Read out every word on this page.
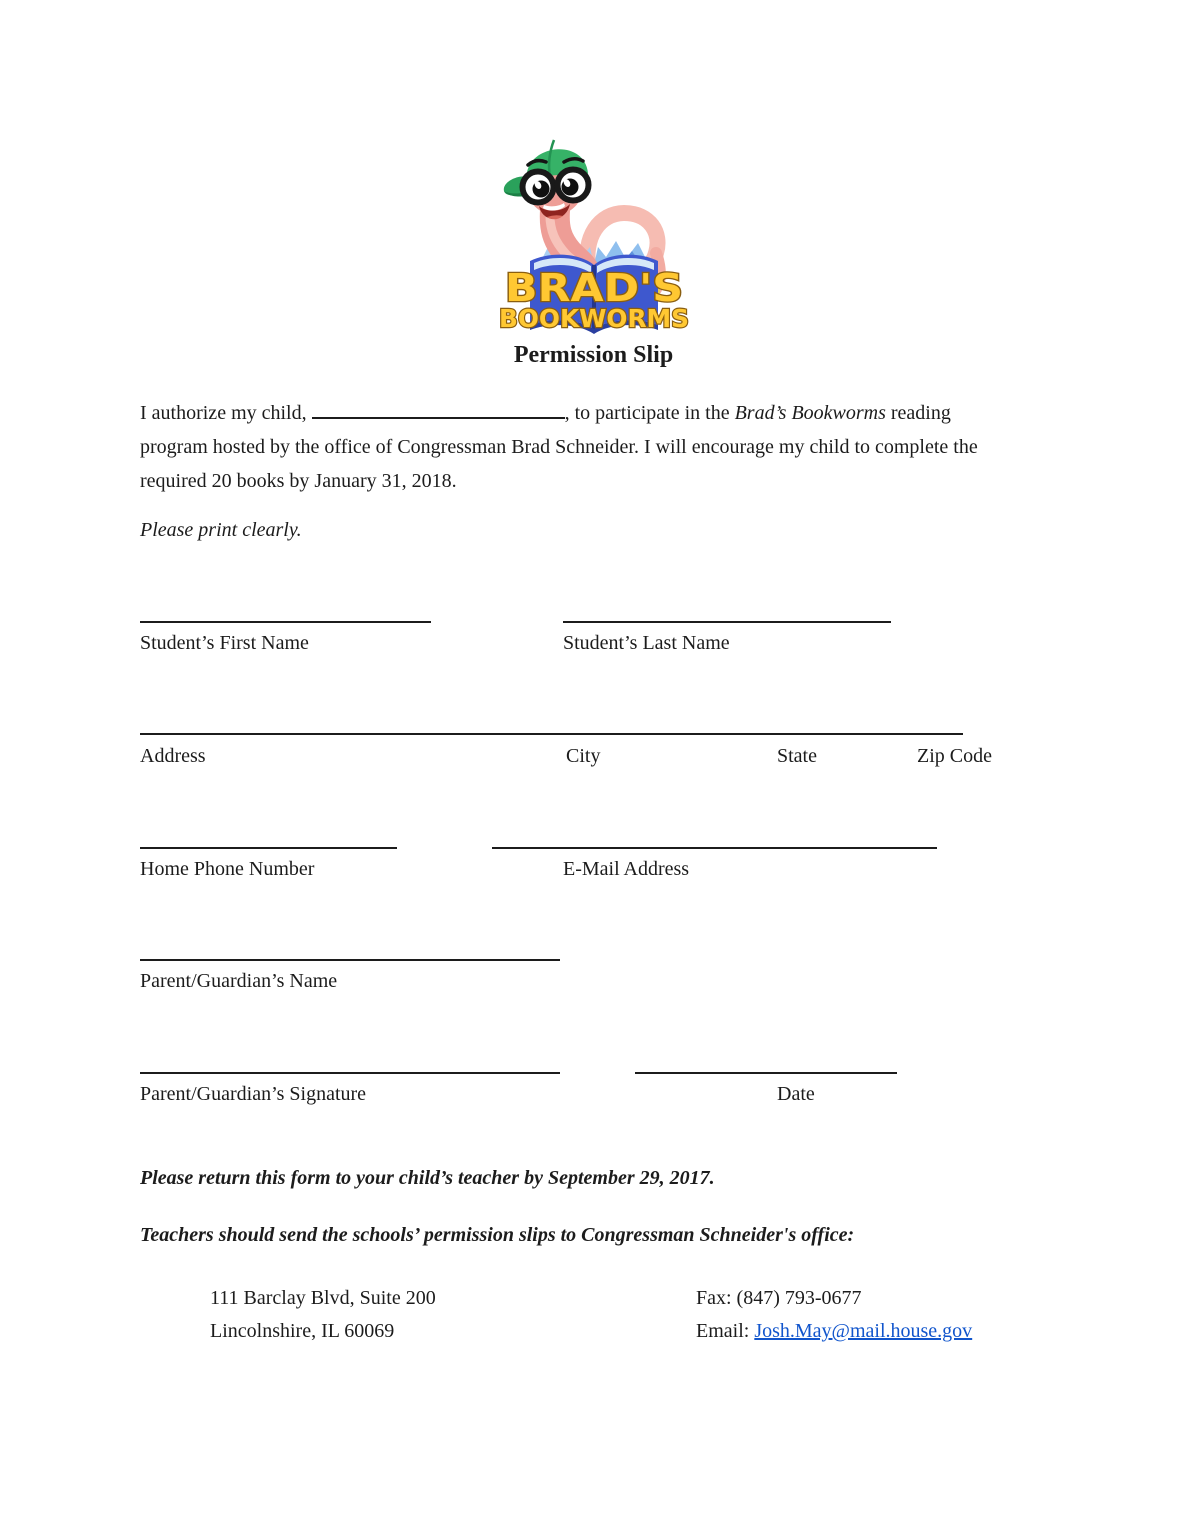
BRAD'S
BOOKWORMS
Permission Slip

I authorize my child,	, to participate in the Brad’s Bookworms reading program hosted by the office of Congressman Brad Schneider. I will encourage my child to complete the required 20 books by January 31, 2018.

Please print clearly.
Student’s First Name	Student’s Last Name
Address	City	State	Zip Code
Home Phone Number	E-Mail Address
Parent/Guardian’s Name
Parent/Guardian’s Signature	Date
Please return this form to your child’s teacher by September 29, 2017.
Teachers should send the schools’ permission slips to Congressman Schneider's office:
111 Barclay Blvd, Suite 200
Lincolnshire, IL 60069
Fax: (847) 793-0677
Email: Josh.May@mail.house.gov
